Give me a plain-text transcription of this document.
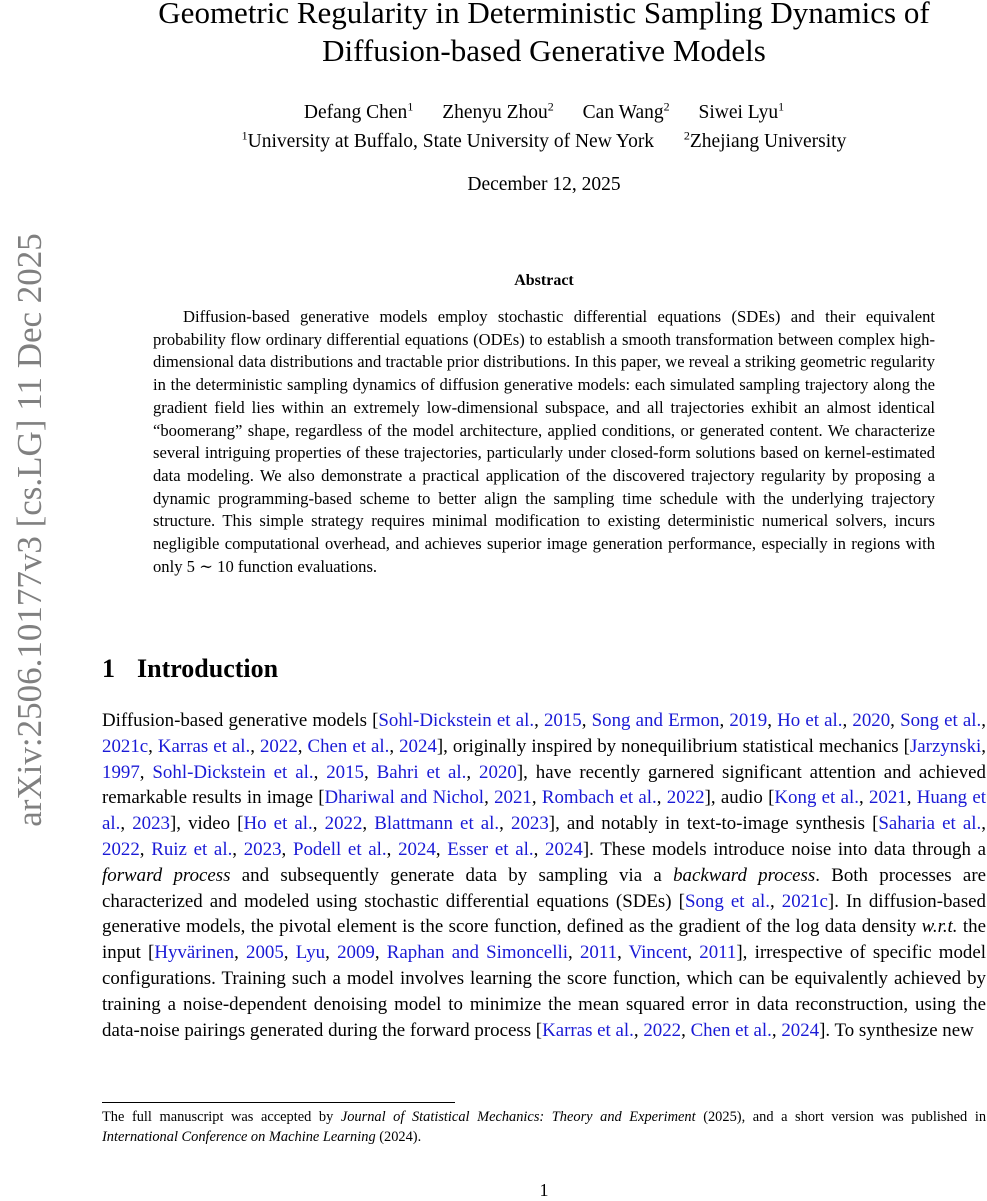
arXiv:2506.10177v3 [cs.LG] 11 Dec 2025
Geometric Regularity in Deterministic Sampling Dynamics of
Diffusion-based Generative Models
Defang Chen$^1$ Zhenyu Zhou$^2$ Can Wang$^2$ Siwei Lyu$^1$
$^1$University at Buffalo, State University of New York $^2$Zhejiang University
December 12, 2025
Abstract
Diffusion-based generative models employ stochastic differential equations (SDEs) and their equivalent probability flow ordinary differential equations (ODEs) to establish a smooth transformation between complex high-dimensional data distributions and tractable prior distributions. In this paper, we reveal a striking geometric regularity in the deterministic sampling dynamics of diffusion generative models: each simulated sampling trajectory along the gradient field lies within an extremely low-dimensional subspace, and all trajectories exhibit an almost identical “boomerang” shape, regardless of the model architecture, applied conditions, or generated content. We characterize several intriguing properties of these trajectories, particularly under closed-form solutions based on kernel-estimated data modeling. We also demonstrate a practical application of the discovered trajectory regularity by proposing a dynamic programming-based scheme to better align the sampling time schedule with the underlying trajectory structure. This simple strategy requires minimal modification to existing deterministic numerical solvers, incurs negligible computational overhead, and achieves superior image generation performance, especially in regions with only 5 ∼ 10 function evaluations.
1 Introduction
Diffusion-based generative models [Sohl-Dickstein et al., 2015, Song and Ermon, 2019, Ho et al., 2020, Song et al., 2021c, Karras et al., 2022, Chen et al., 2024], originally inspired by nonequilibrium statistical mechanics [Jarzynski, 1997, Sohl-Dickstein et al., 2015, Bahri et al., 2020], have recently garnered significant attention and achieved remarkable results in image [Dhariwal and Nichol, 2021, Rombach et al., 2022], audio [Kong et al., 2021, Huang et al., 2023], video [Ho et al., 2022, Blattmann et al., 2023], and notably in text-to-image synthesis [Saharia et al., 2022, Ruiz et al., 2023, Podell et al., 2024, Esser et al., 2024]. These models introduce noise into data through a forward process and subsequently generate data by sampling via a backward process. Both processes are characterized and modeled using stochastic differential equations (SDEs) [Song et al., 2021c]. In diffusion-based generative models, the pivotal element is the score function, defined as the gradient of the log data density w.r.t. the input [Hyvärinen, 2005, Lyu, 2009, Raphan and Simoncelli, 2011, Vincent, 2011], irrespective of specific model configurations. Training such a model involves learning the score function, which can be equivalently achieved by training a noise-dependent denoising model to minimize the mean squared error in data reconstruction, using the data-noise pairings generated during the forward process [Karras et al., 2022, Chen et al., 2024]. To synthesize new
The full manuscript was accepted by Journal of Statistical Mechanics: Theory and Experiment (2025), and a short version was published in International Conference on Machine Learning (2024).
1
